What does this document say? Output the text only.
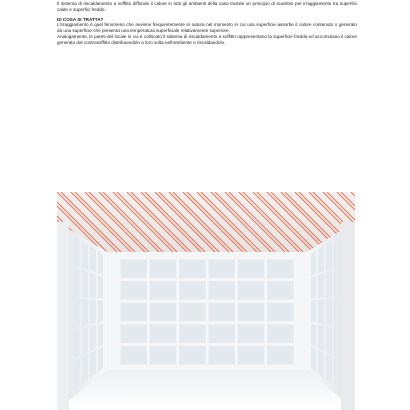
Il sistema di riscaldamento a soffitto diffonde il calore in tutti gli ambienti della casa tramite un principio di scambio per irraggiamento tra superfici calde e superfici fredde.

DI COSA SI TRATTA?

L'irraggiamento è quel fenomeno che avviene frequentemente in natura nel momento in cui una superficie assorbe il calore contenuto o generato da una superficie che presenta una temperatura superficiale relativamente superiore.

Analogamente, le pareti del locale in cui è collocato il sistema di riscaldamento a soffitto rappresentano la superficie fredda ed accumulano il calore generato dal controsoffitto distribuendolo a loro volta nell'ambiente e riscaldandolo.
